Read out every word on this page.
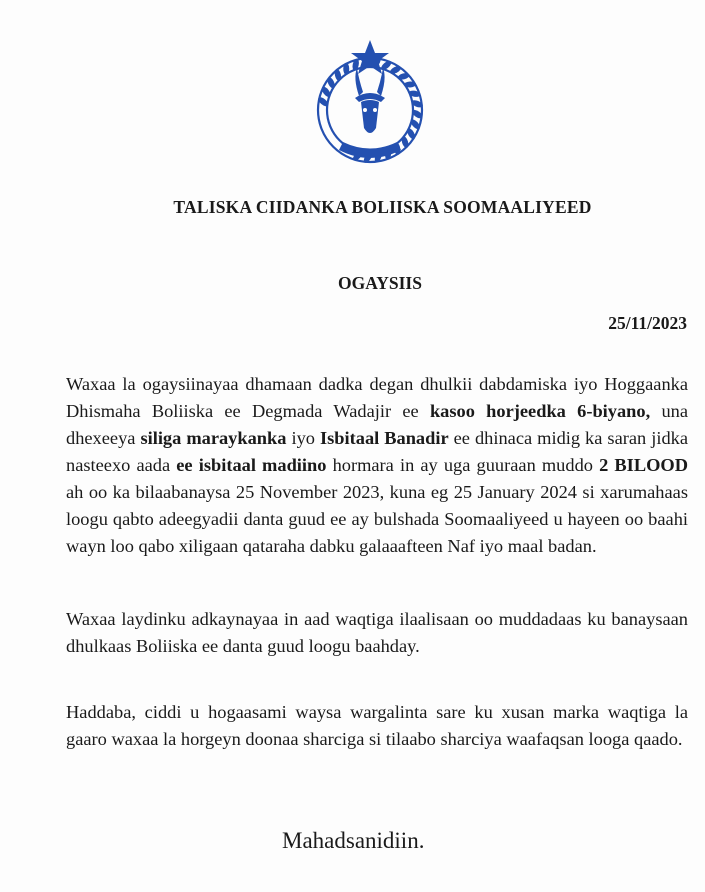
TALISKA CIIDANKA BOLIISKA SOOMAALIYEED
OGAYSIIS
25/11/2023

Waxaa la ogaysiinayaa dhamaan dadka degan dhulkii dabdamiska iyo Hoggaanka Dhismaha Boliiska ee Degmada Wadajir ee kasoo horjeedka 6-biyano, una dhexeeya siliga maraykanka iyo Isbitaal Banadir ee dhinaca midig ka saran jidka nasteexo aada ee isbitaal madiino hormara in ay uga guuraan muddo 2 BILOOD ah oo ka bilaabanaysa 25 November 2023, kuna eg 25 January 2024 si xarumahaas loogu qabto adeegyadii danta guud ee ay bulshada Soomaaliyeed u hayeen oo baahi wayn loo qabo xiligaan qataraha dabku galaaafteen Naf iyo maal badan.

Waxaa laydinku adkaynayaa in aad waqtiga ilaalisaan oo muddadaas ku banaysaan dhulkaas Boliiska ee danta guud loogu baahday.

Haddaba, ciddi u hogaasami waysa wargalinta sare ku xusan marka waqtiga la gaaro waxaa la horgeyn doonaa sharciga si tilaabo sharciya waafaqsan looga qaado.

Mahadsanidiin.
